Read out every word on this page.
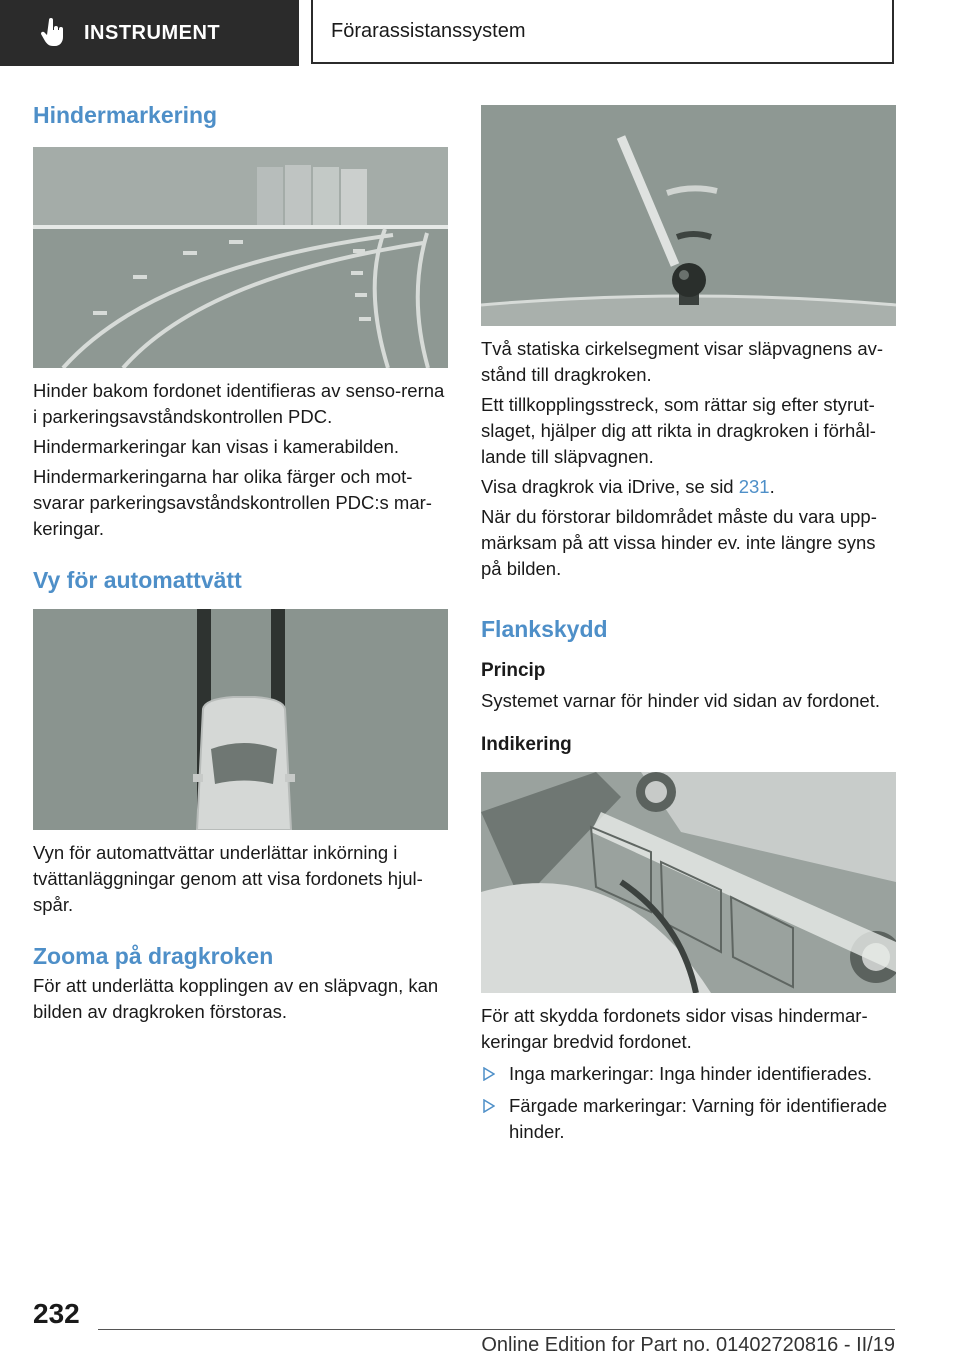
INSTRUMENT	Förarassistanssystem
Hindermarkering

Hinder bakom fordonet identifieras av senso-rerna i parkeringsavståndskontrollen PDC.

Hindermarkeringar kan visas i kamerabilden.

Hindermarkeringarna har olika färger och mot-svarar parkeringsavståndskontrollen PDC:s mar-keringar.

Vy för automattvätt

Vyn för automattvättar underlättar inkörning i tvättanläggningar genom att visa fordonets hjul-spår.

Zooma på dragkroken

För att underlätta kopplingen av en släpvagn, kan bilden av dragkroken förstoras.

Två statiska cirkelsegment visar släpvagnens av-stånd till dragkroken.

Ett tillkopplingsstreck, som rättar sig efter styrut-slaget, hjälper dig att rikta in dragkroken i förhål-lande till släpvagnen.

Visa dragkrok via iDrive, se sid 231.

När du förstorar bildområdet måste du vara upp-märksam på att vissa hinder ev. inte längre syns på bilden.

Flankskydd
Princip

Systemet varnar för hinder vid sidan av fordonet.

Indikering

För att skydda fordonets sidor visas hindermar-keringar bredvid fordonet.

Inga markeringar: Inga hinder identifierades.
Färgade markeringar: Varning för identifierade hinder.
232
Online Edition for Part no. 01402720816 - II/19
